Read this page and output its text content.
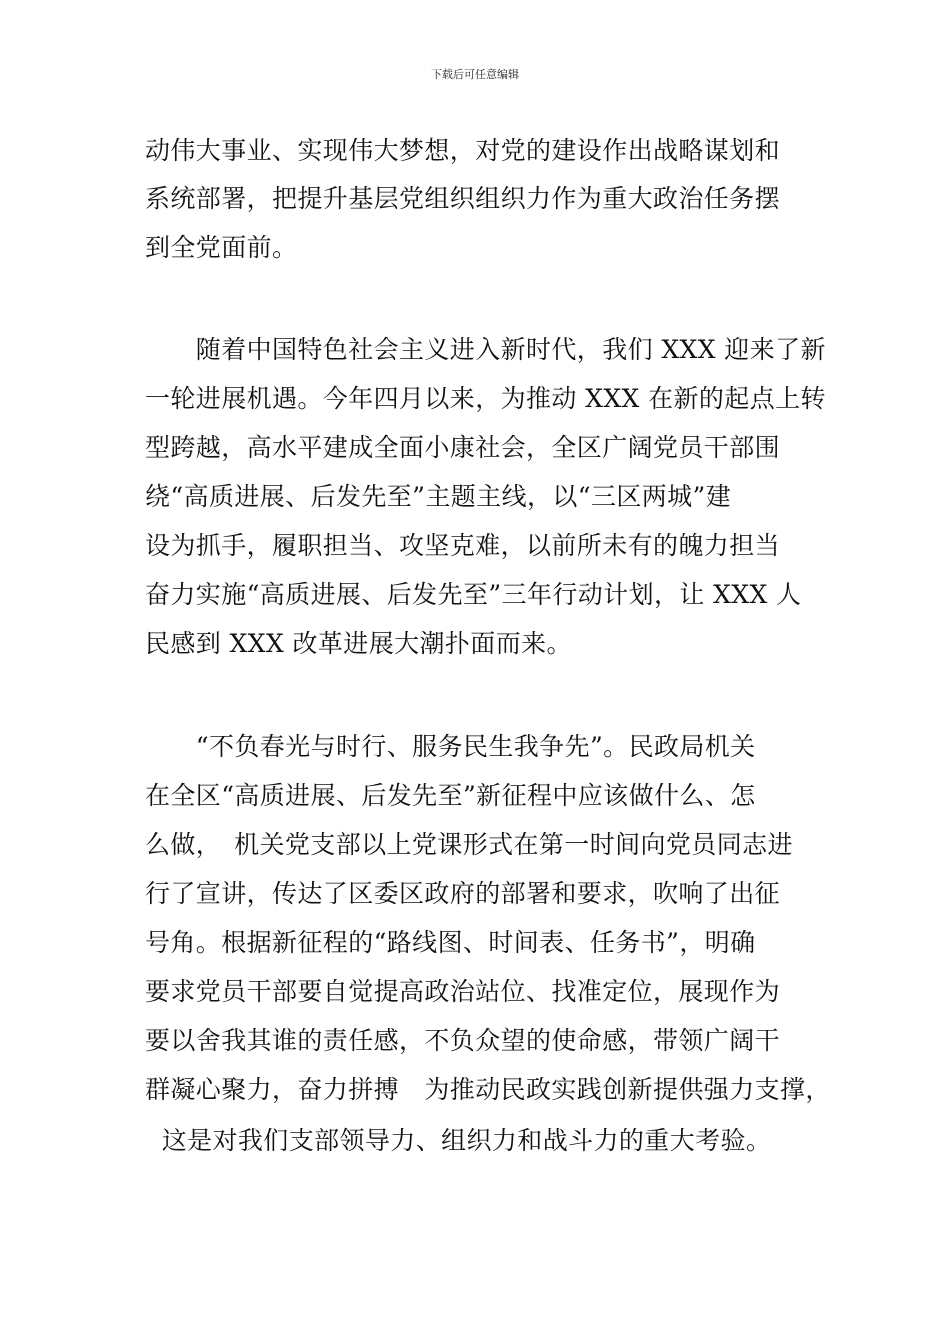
下载后可任意编辑
动伟大事业、实现伟大梦想，对党的建设作出战略谋划和
系统部署，把提升基层党组织组织力作为重大政治任务摆
到全党面前。
　　随着中国特色社会主义进入新时代，我们 XXX 迎来了新
一轮进展机遇。今年四月以来，为推动 XXX 在新的起点上转
型跨越，高水平建成全面小康社会，全区广阔党员干部围
绕“高质进展、后发先至”主题主线，以“三区两城”建
设为抓手，履职担当、攻坚克难，以前所未有的魄力担当
奋力实施“高质进展、后发先至”三年行动计划，让 XXX 人
民感到 XXX 改革进展大潮扑面而来。
　　“不负春光与时行、服务民生我争先”。民政局机关
在全区“高质进展、后发先至”新征程中应该做什么、怎
么做，　机关党支部以上党课形式在第一时间向党员同志进
行了宣讲，传达了区委区政府的部署和要求，吹响了出征
号角。根据新征程的“路线图、时间表、任务书”，明确
要求党员干部要自觉提高政治站位、找准定位，展现作为
要以舍我其谁的责任感，不负众望的使命感，带领广阔干
群凝心聚力，奋力拼搏　为推动民政实践创新提供强力支撑，
这是对我们支部领导力、组织力和战斗力的重大考验。
